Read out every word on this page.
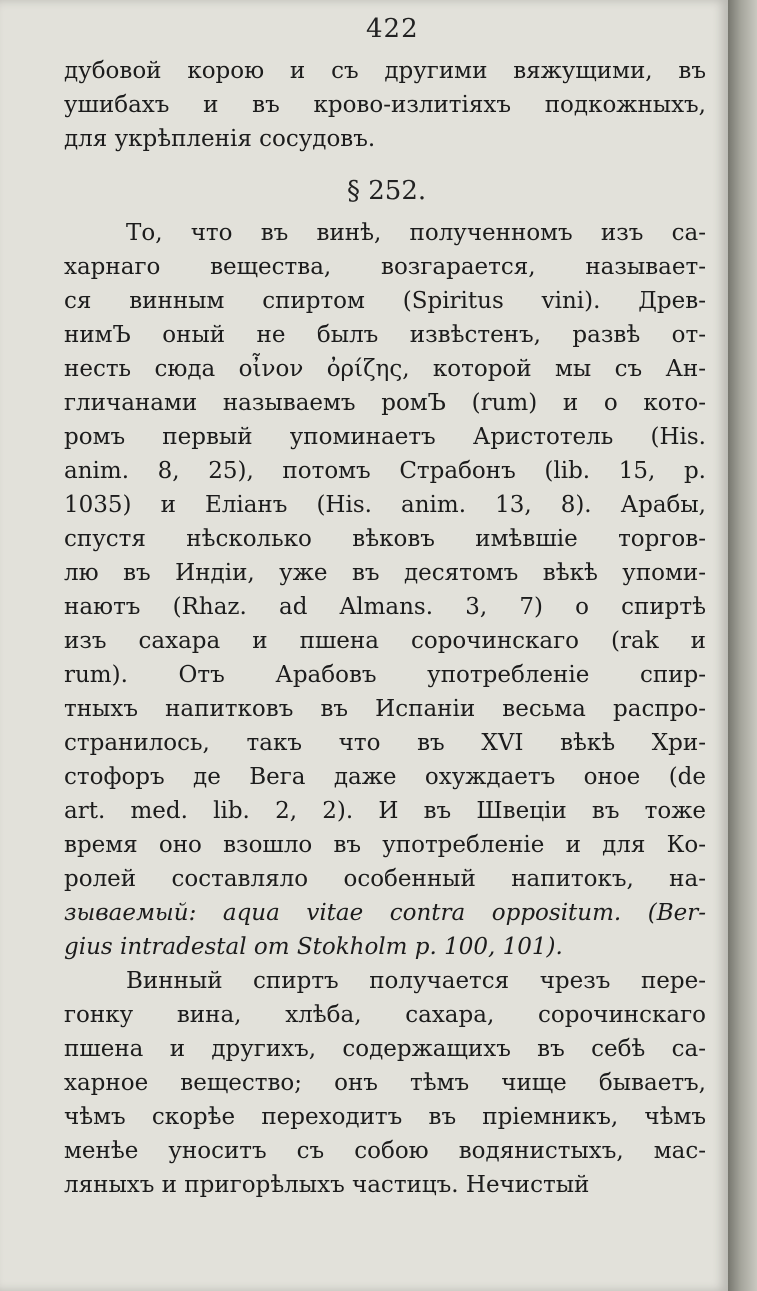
422
дубовой корою и съ другими вяжущими, въ
ушибахъ и въ крово-излитіяхъ подкожныхъ,
для укрѣпленія сосудовъ.
§ 252.
То, что въ винѣ, полученномъ изъ са-
харнаго вещества, возгарается, называет-
ся винным спиртом (Spiritus vini). Древ-
нимЪ оный не былъ извѣстенъ, развѣ от-
несть сюда οἶνον ὀρίζης, которой мы съ Ан-
гличанами называемъ ромЪ (rum) и о кото-
ромъ первый упоминаетъ Аристотель (His.
anim. 8, 25), потомъ Страбонъ (lib. 15, p.
1035) и Еліанъ (His. anim. 13, 8). Арабы,
спустя нѣсколько вѣковъ имѣвшіе торгов-
лю въ Индіи, уже въ десятомъ вѣкѣ упоми-
наютъ (Rhaz. ad Almans. 3, 7) о спиртѣ
изъ сахара и пшена сорочинскаго (rak и
rum). Отъ Арабовъ употребленіе спир-
тныхъ напитковъ въ Испаніи весьма распро-
странилось, такъ что въ XVI вѣкѣ Хри-
стофоръ де Вега даже охуждаетъ оное (de
art. med. lib. 2, 2). И въ Швеціи въ тоже
время оно взошло въ употребленіе и для Ко-
ролей составляло особенный напитокъ, на-
зываемый: aqua vitae contra oppositum. (Ber-
gius intradestal om Stokholm p. 100, 101).
Винный спиртъ получается чрезъ пере-
гонку вина, хлѣба, сахара, сорочинскаго
пшена и другихъ, содержащихъ въ себѣ са-
харное вещество; онъ тѣмъ чище бываетъ,
чѣмъ скорѣе переходитъ въ пріемникъ, чѣмъ
менѣе уноситъ съ собою водянистыхъ, мас-
ляныхъ и пригорѣлыхъ частицъ. Нечистый
